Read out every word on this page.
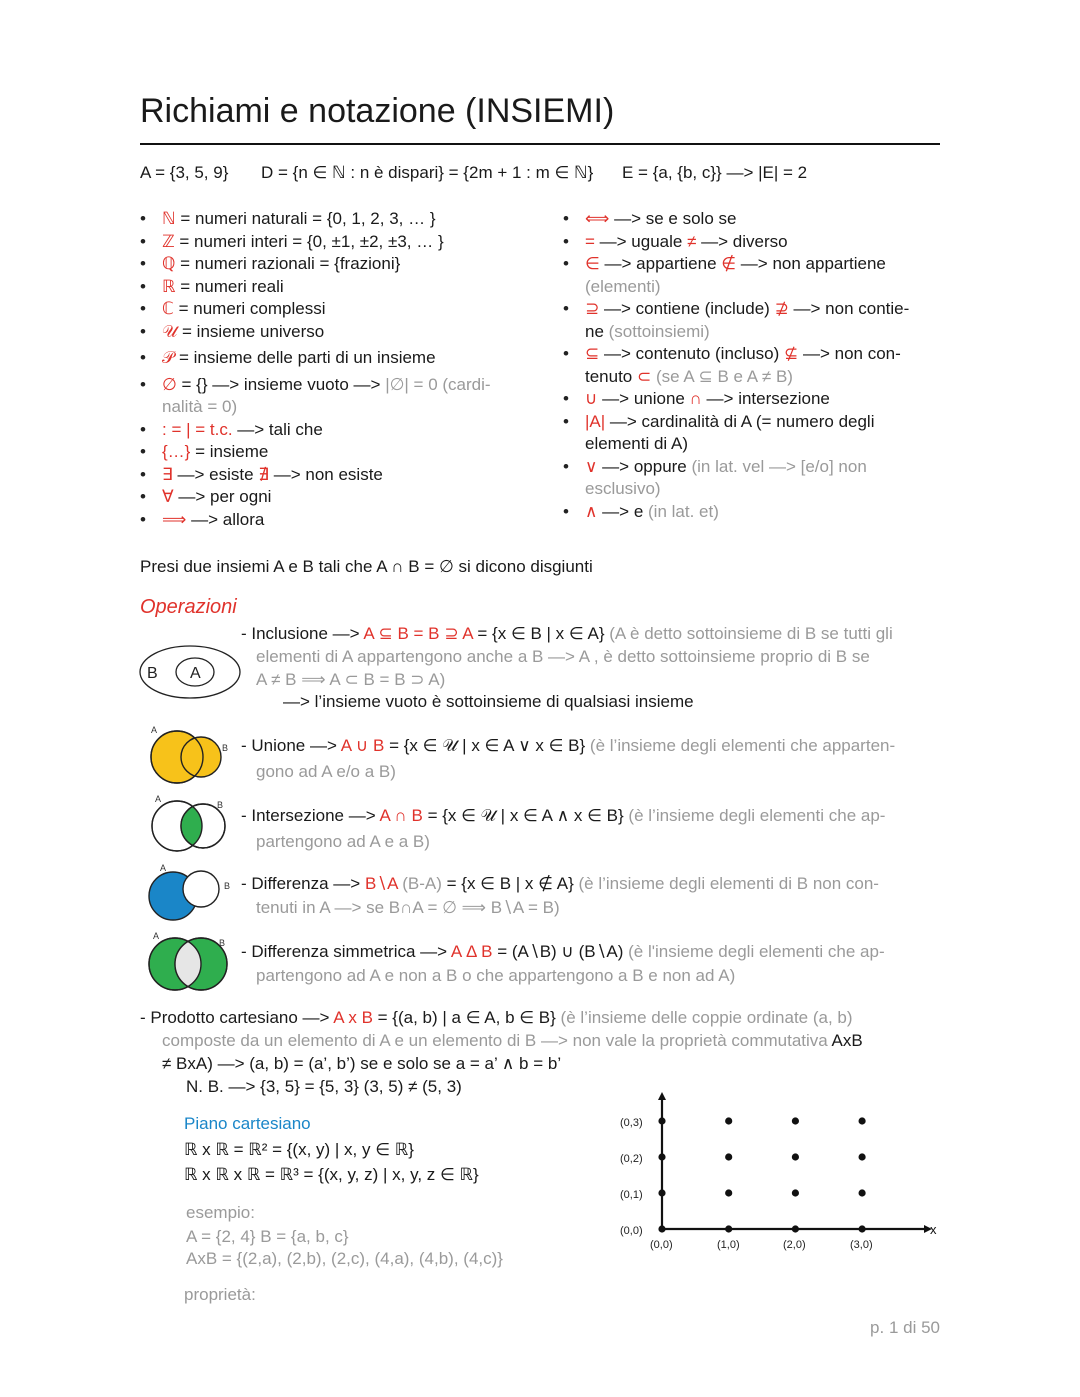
Richiami e notazione (INSIEMI)
A = {3, 5, 9} D = {n ∈ ℕ : n è dispari} = {2m + 1 : m ∈ ℕ} E = {a, {b, c}} —> |E| = 2
• ℕ = numeri naturali = {0, 1, 2, 3, … }
• ℤ = numeri interi = {0, ±1, ±2, ±3, … }
• ℚ = numeri razionali = {frazioni}
• ℝ = numeri reali
• ℂ = numeri complessi
• 𝒰 = insieme universo
• 𝒫 = insieme delle parti di un insieme
• ∅ = {} —> insieme vuoto —> |∅| = 0 (cardi-
nalità = 0)
• : = | = t.c. —> tali che
• {…} = insieme
• ∃ —> esiste ∄ —> non esiste
• ∀ —> per ogni
• ⟹ —> allora
• ⟺ —> se e solo se
• = —> uguale ≠ —> diverso
• ∈ —> appartiene ∉ —> non appartiene
(elementi)
• ⊇ —> contiene (include) ⊉ —> non contie-
ne (sottoinsiemi)
• ⊆ —> contenuto (incluso) ⊈ —> non con-
tenuto ⊂ (se A ⊆ B e A ≠ B)
• ∪ —> unione ∩ —> intersezione
• |A| —> cardinalità di A (= numero degli
elementi di A)
• ∨ —> oppure (in lat. vel —> [e/o] non
esclusivo)
• ∧ —> e (in lat. et)
Presi due insiemi A e B tali che A ∩ B = ∅ si dicono disgiunti
Operazioni
B A
- Inclusione —> A ⊆ B = B ⊇ A = {x ∈ B | x ∈ A} (A è detto sottoinsieme di B se tutti gli
elementi di A appartengono anche a B —> A , è detto sottoinsieme proprio di B se
A ≠ B ⟹ A ⊂ B = B ⊃ A)
—> l’insieme vuoto è sottoinsieme di qualsiasi insieme
A
B - Unione —> A ∪ B = {x ∈ 𝒰 | x ∈ A ∨ x ∈ B} (è l’insieme degli elementi che apparten-
gono ad A e/o a B)
A
B
- Intersezione —> A ∩ B = {x ∈ 𝒰 | x ∈ A ∧ x ∈ B} (è l’insieme degli elementi che ap-
partengono ad A e a B)
A
B - Differenza —> B∖A (B-A) = {x ∈ B | x ∉ A} (è l’insieme degli elementi di B non con-
tenuti in A —> se B∩A = ∅ ⟹ B∖A = B)
A
B - Differenza simmetrica —> A Δ B = (A∖B) ∪ (B∖A) (è l'insieme degli elementi che ap-
partengono ad A e non a B o che appartengono a B e non ad A)
- Prodotto cartesiano —> A x B = {(a, b) | a ∈ A, b ∈ B} (è l’insieme delle coppie ordinate (a, b)
composte da un elemento di A e un elemento di B —> non vale la proprietà commutativa AxB
≠ BxA) —> (a, b) = (a’, b’) se e solo se a = a’ ∧ b = b’
N. B. —> {3, 5} = {5, 3} (3, 5) ≠ (5, 3)
Piano cartesiano
ℝ x ℝ = ℝ² = {(x, y) | x, y ∈ ℝ}
ℝ x ℝ x ℝ = ℝ³ = {(x, y, z) | x, y, z ∈ ℝ}
esempio:
A = {2, 4} B = {a, b, c}
AxB = {(2,a), (2,b), (2,c), (4,a), (4,b), (4,c)}
proprietà:
(0,3)
(0,2)
(0,1)
(0,0)
(0,0)	(1,0)	(2,0)	(3,0)
x
p. 1 di 50
